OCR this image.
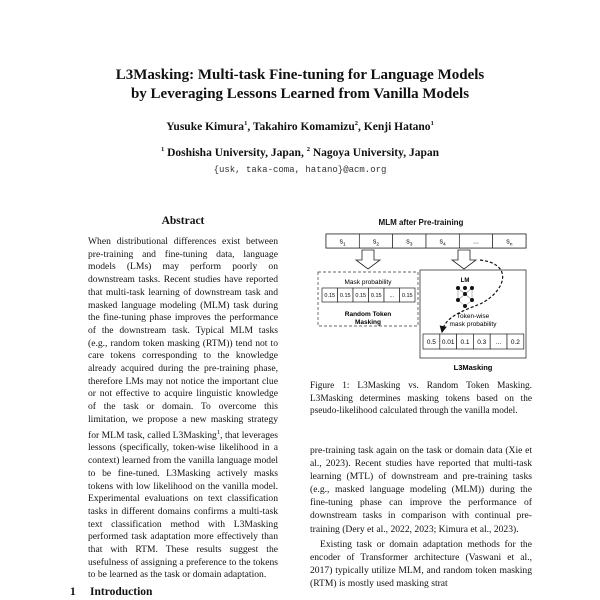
L3Masking: Multi-task Fine-tuning for Language Models
by Leveraging Lessons Learned from Vanilla Models
Yusuke Kimura$^1$, Takahiro Komamizu$^2$, Kenji Hatano$^1$
$^1$ Doshisha University, Japan, $^2$ Nagoya University, Japan
{usk, taka-coma, hatano}@acm.org
Abstract
When distributional differences exist between pre-training and fine-tuning data, language models (LMs) may perform poorly on downstream tasks. Recent studies have reported that multi-task learning of downstream task and masked language modeling (MLM) task during the fine-tuning phase improves the performance of the downstream task. Typical MLM tasks (e.g., random token masking (RTM)) tend not to care tokens corresponding to the knowledge already acquired during the pre-training phase, therefore LMs may not notice the important clue or not effective to acquire linguistic knowledge of the task or domain. To overcome this limitation, we propose a new masking strategy for MLM task, called L3Masking$^1$, that leverages lessons (specifically, token-wise likelihood in a context) learned from the vanilla language model to be fine-tuned. L3Masking actively masks tokens with low likelihood on the vanilla model. Experimental evaluations on text classification tasks in different domains confirms a multi-task text classification method with L3Masking performed task adaptation more effectively than that with RTM. These results suggest the usefulness of assigning a preference to the tokens to be learned as the task or domain adaptation.
1 Introduction
MLM after Pre-training
$s_1$	$s_2$	$s_3$	$s_4$	...	$s_n$
Mask probability
0.15 0.15 0.15 0.15 ... 0.15
Random Token
Masking
LM
Token-wise
mask probability
0.5 0.01 0.1 0.3 ... 0.2
L3Masking
Figure 1: L3Masking vs. Random Token Masking. L3Masking determines masking tokens based on the pseudo-likelihood calculated through the vanilla model.

pre-training task again on the task or domain data (Xie et al., 2023). Recent studies have reported that multi-task learning (MTL) of downstream and pre-training tasks (e.g., masked language modeling (MLM)) during the fine-tuning phase can improve the performance of downstream tasks in comparison with continual pre-training (Dery et al., 2022, 2023; Kimura et al., 2023).

Existing task or domain adaptation methods for the encoder of Transformer architecture (Vaswani et al., 2017) typically utilize MLM, and random token masking (RTM) is mostly used masking strat
